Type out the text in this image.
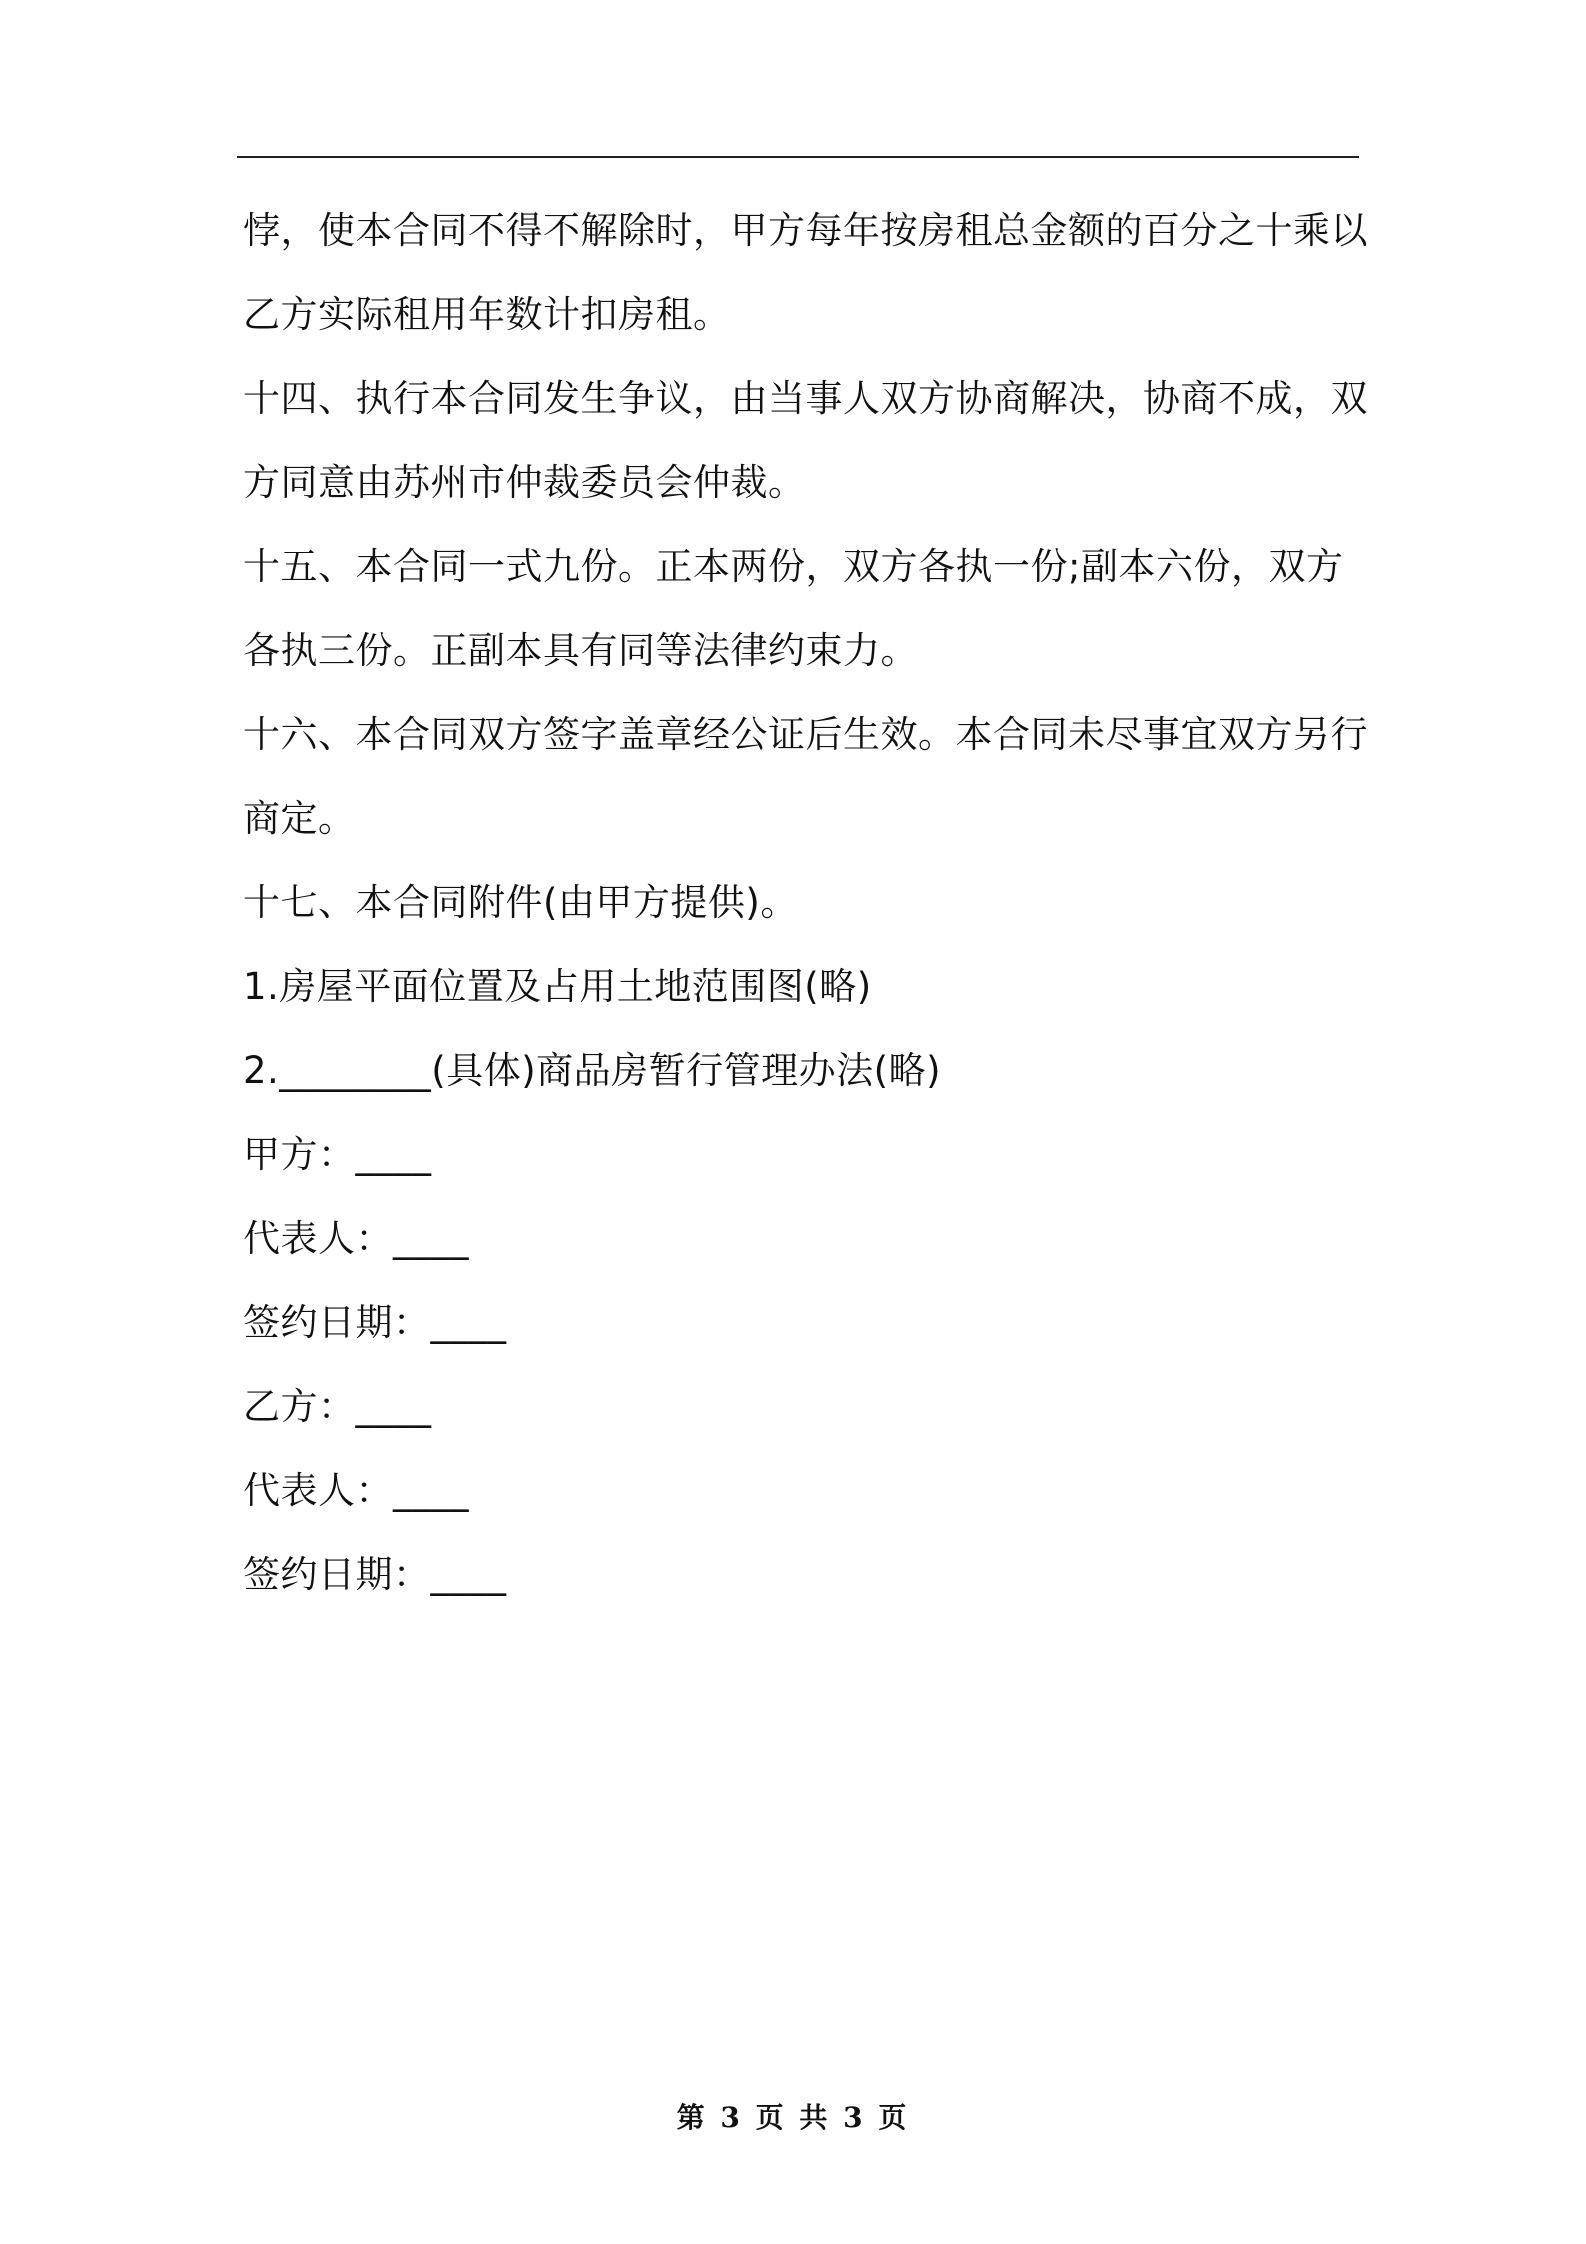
悖，使本合同不得不解除时，甲方每年按房租总金额的百分之十乘以
乙方实际租用年数计扣房租。
十四、执行本合同发生争议，由当事人双方协商解决，协商不成，双
方同意由苏州市仲裁委员会仲裁。
十五、本合同一式九份。正本两份，双方各执一份;副本六份，双方
各执三份。正副本具有同等法律约束力。
十六、本合同双方签字盖章经公证后生效。本合同未尽事宜双方另行
商定。
十七、本合同附件(由甲方提供)。
1.房屋平面位置及占用土地范围图(略)
2.________(具体)商品房暂行管理办法(略)
甲方：____
代表人：____
签约日期：____
乙方：____
代表人：____
签约日期：____
第 3 页 共 3 页
